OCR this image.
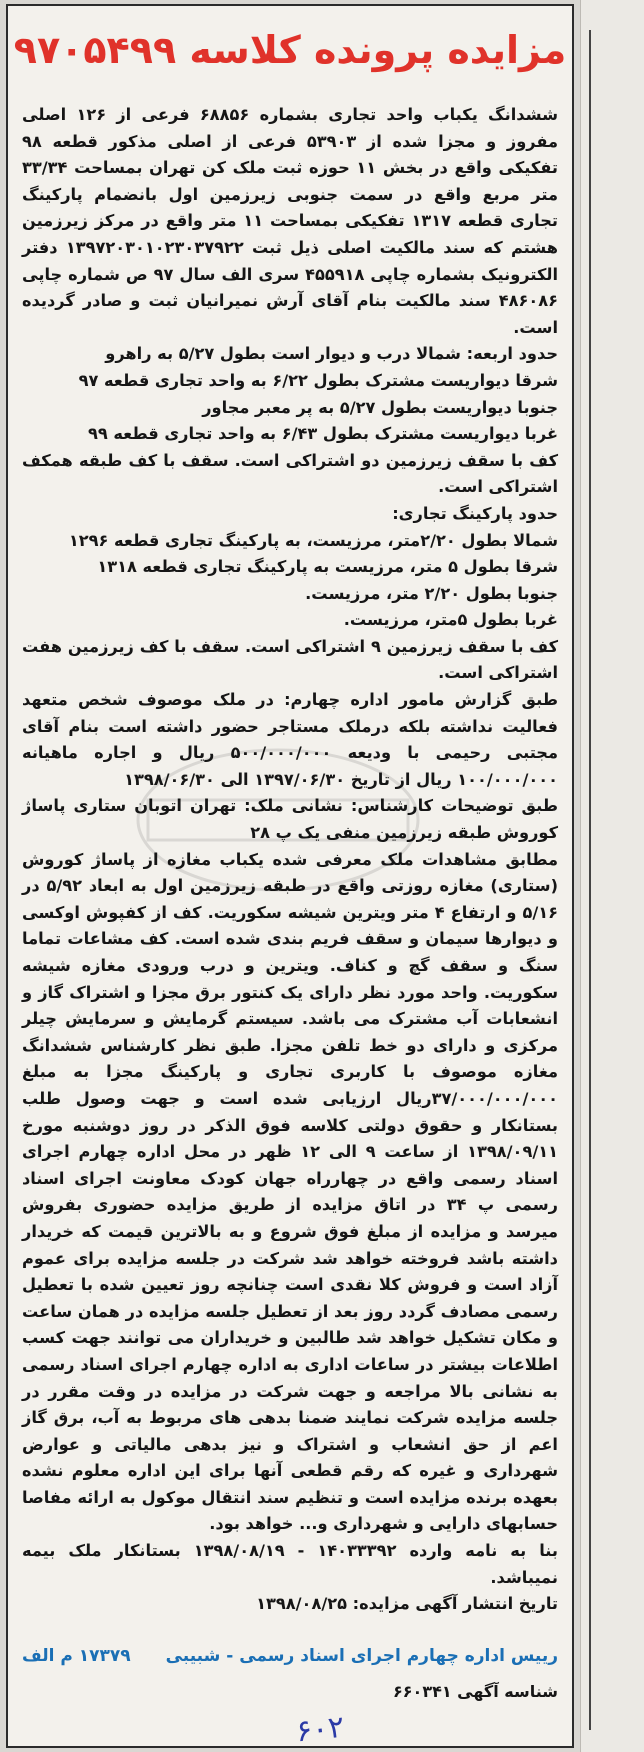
مزایده پرونده کلاسه ۹۷۰۵۴۹۹

ششدانگ یکباب واحد تجاری بشماره ۶۸۸۵۶ فرعی از ۱۲۶ اصلی مفروز و مجزا شده از ۵۳۹۰۳ فرعی از اصلی مذکور قطعه ۹۸ تفکیکی واقع در بخش ۱۱ حوزه ثبت ملک کن تهران بمساحت ۳۳/۳۴ متر مربع واقع در سمت جنوبی زیرزمین اول بانضمام پارکینگ تجاری قطعه ۱۳۱۷ تفکیکی بمساحت ۱۱ متر واقع در مرکز زیرزمین هشتم که سند مالکیت اصلی ذیل ثبت ۱۳۹۷۲۰۳۰۱۰۲۳۰۳۷۹۲۲ دفتر الکترونیک بشماره چاپی ۴۵۵۹۱۸ سری الف سال ۹۷ ص شماره چاپی ۴۸۶۰۸۶ سند مالکیت بنام آقای آرش نمیرانیان ثبت و صادر گردیده است.

حدود اربعه: شمالا درب و دیوار است بطول ۵/۲۷ به راهرو

شرقا دیواریست مشترک بطول ۶/۲۲ به واحد تجاری قطعه ۹۷

جنوبا دیواریست بطول ۵/۲۷ به پر معبر مجاور

غربا دیواریست مشترک بطول ۶/۴۳ به واحد تجاری قطعه ۹۹

کف با سقف زیرزمین دو اشتراکی است. سقف با کف طبقه همکف اشتراکی است.

حدود پارکینگ تجاری:

شمالا بطول ۲/۲۰متر، مرزیست، به پارکینگ تجاری قطعه ۱۲۹۶

شرقا بطول ۵ متر، مرزیست به پارکینگ تجاری قطعه ۱۳۱۸

جنوبا بطول ۲/۲۰ متر، مرزیست.

غربا بطول ۵متر، مرزیست.

کف با سقف زیرزمین ۹ اشتراکی است. سقف با کف زیرزمین هفت اشتراکی است.

طبق گزارش مامور اداره چهارم: در ملک موصوف شخص متعهد فعالیت نداشته بلکه درملک مستاجر حضور داشته است بنام آقای مجتبی رحیمی با ودیعه ۵۰۰/۰۰۰/۰۰۰ ریال و اجاره ماهیانه ۱۰۰/۰۰۰/۰۰۰ ریال از تاریخ ۱۳۹۷/۰۶/۳۰ الی ۱۳۹۸/۰۶/۳۰

طبق توضیحات کارشناس: نشانی ملک: تهران اتوبان ستاری پاساژ کوروش طبقه زیرزمین منفی یک پ ۲۸

مطابق مشاهدات ملک معرفی شده یکباب مغازه از پاساژ کوروش (ستاری) مغازه روزتی واقع در طبقه زیرزمین اول به ابعاد ۵/۹۲ در ۵/۱۶ و ارتفاع ۴ متر ویترین شیشه سکوریت. کف از کفپوش اوکسی و دیوارها سیمان و سقف فریم بندی شده است. کف مشاعات تماما سنگ و سقف گچ و کناف. ویترین و درب ورودی مغازه شیشه سکوریت. واحد مورد نظر دارای یک کنتور برق مجزا و اشتراک گاز و انشعابات آب مشترک می باشد. سیستم گرمایش و سرمایش چیلر مرکزی و دارای دو خط تلفن مجزا. طبق نظر کارشناس ششدانگ مغازه موصوف با کاربری تجاری و پارکینگ مجزا به مبلغ ۳۷/۰۰۰/۰۰۰/۰۰۰ریال ارزیابی شده است و جهت وصول طلب بستانکار و حقوق دولتی کلاسه فوق الذکر در روز دوشنبه مورخ ۱۳۹۸/۰۹/۱۱ از ساعت ۹ الی ۱۲ ظهر در محل اداره چهارم اجرای اسناد رسمی واقع در چهارراه جهان کودک معاونت اجرای اسناد رسمی پ ۳۴ در اتاق مزایده از طریق مزایده حضوری بفروش میرسد و مزایده از مبلغ فوق شروع و به بالاترین قیمت که خریدار داشته باشد فروخته خواهد شد شرکت در جلسه مزایده برای عموم آزاد است و فروش کلا نقدی است چنانچه روز تعیین شده با تعطیل رسمی مصادف گردد روز بعد از تعطیل جلسه مزایده در همان ساعت و مکان تشکیل خواهد شد طالبین و خریداران می توانند جهت کسب اطلاعات بیشتر در ساعات اداری به اداره چهارم اجرای اسناد رسمی به نشانی بالا مراجعه و جهت شرکت در مزایده در وقت مقرر در جلسه مزایده شرکت نمایند ضمنا بدهی های مربوط به آب، برق گاز اعم از حق انشعاب و اشتراک و نیز بدهی مالیاتی و عوارض شهرداری و غیره که رقم قطعی آنها برای این اداره معلوم نشده بعهده برنده مزایده است و تنظیم سند انتقال موکول به ارائه مفاصا حسابهای دارایی و شهرداری و... خواهد بود.

بنا به نامه وارده ۱۴۰۳۳۳۹۲ - ۱۳۹۸/۰۸/۱۹ بستانکار ملک بیمه نمیباشد.

تاریخ انتشار آگهی مزایده: ۱۳۹۸/۰۸/۲۵

رییس اداره چهارم اجرای اسناد رسمی - شبیبی
۱۷۳۷۹ م الف
شناسه آگهی ۶۶۰۳۴۱
۶۰۲
